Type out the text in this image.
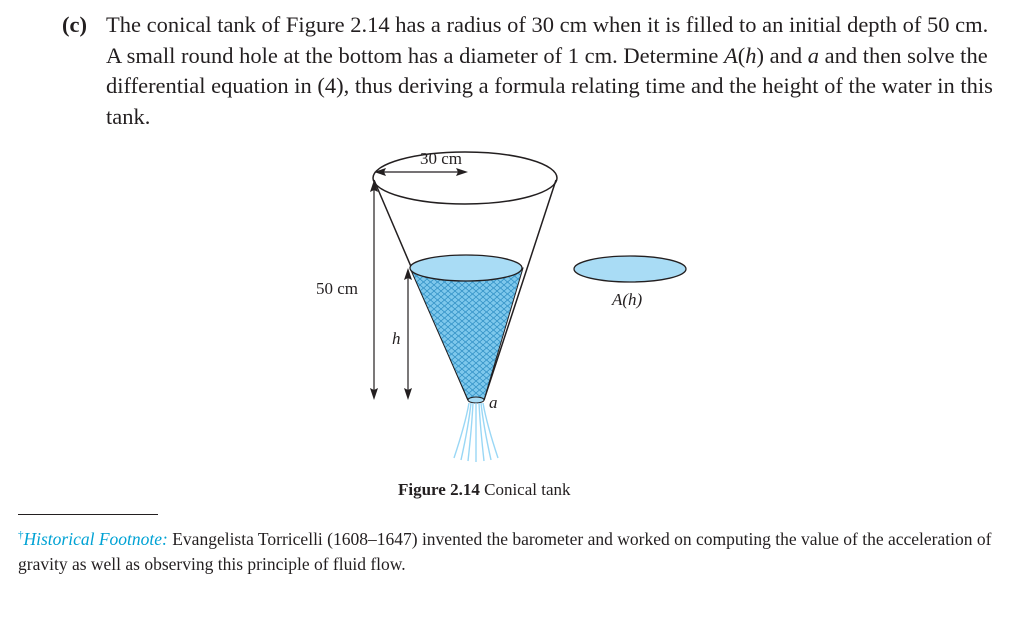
(c) The conical tank of Figure 2.14 has a radius of 30 cm when it is filled to an initial depth of 50 cm. A small round hole at the bottom has a diameter of 1 cm. Determine A(h) and a and then solve the differential equation in (4), thus deriving a formula relating time and the height of the water in this tank.
30 cm
50 cm
h
a
A(h)
Figure 2.14 Conical tank
†Historical Footnote: Evangelista Torricelli (1608–1647) invented the barometer and worked on computing the value of the acceleration of gravity as well as observing this principle of fluid flow.
